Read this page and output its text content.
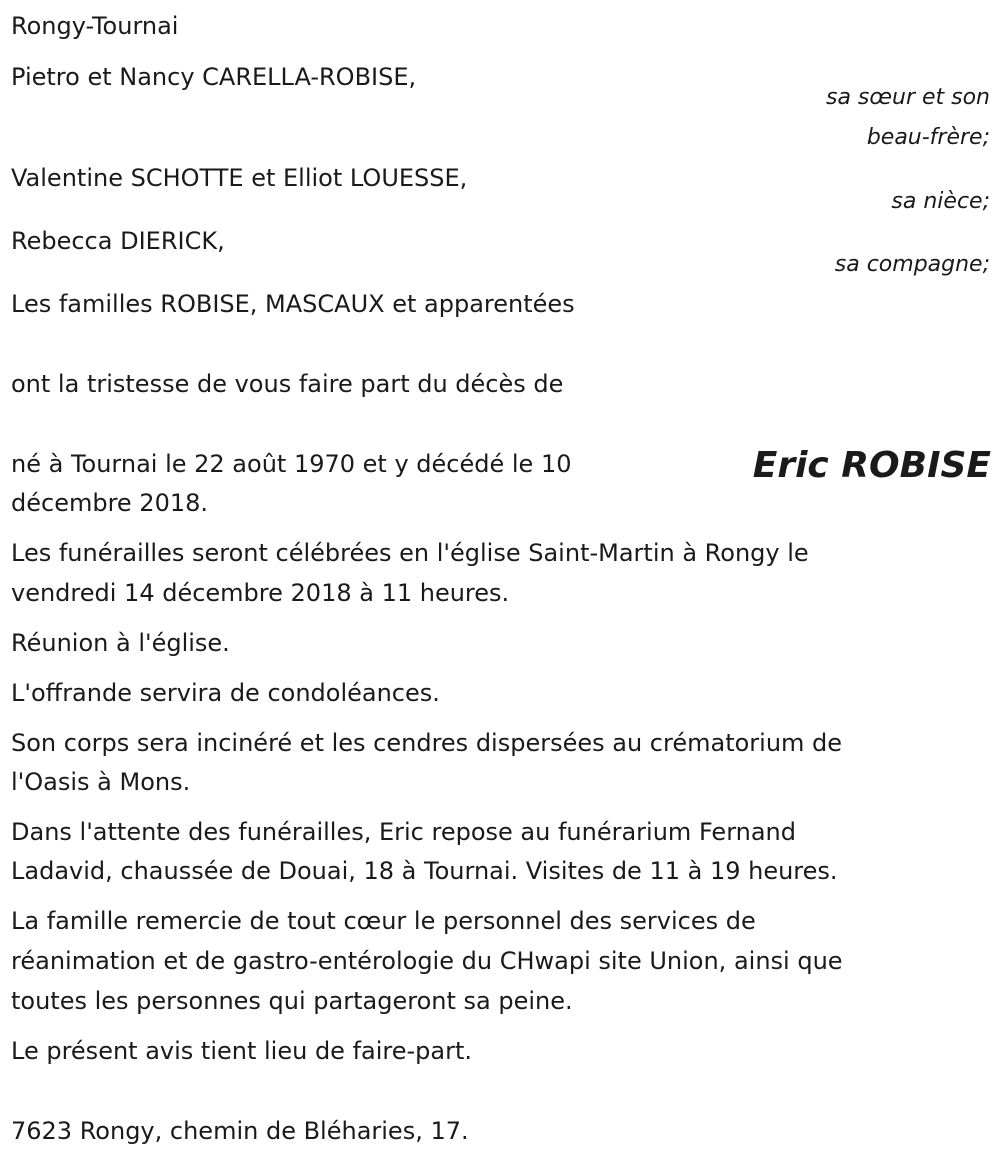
Rongy-Tournai
Pietro et Nancy CARELLA-ROBISE,
sa sœur et son
beau-frère;
Valentine SCHOTTE et Elliot LOUESSE,
sa nièce;
Rebecca DIERICK,
sa compagne;
Les familles ROBISE, MASCAUX et apparentées
ont la tristesse de vous faire part du décès de
Eric ROBISE
né à Tournai le 22 août 1970 et y décédé le 10
décembre 2018.
Les funérailles seront célébrées en l'église Saint-Martin à Rongy le
vendredi 14 décembre 2018 à 11 heures.
Réunion à l'église.
L'offrande servira de condoléances.
Son corps sera incinéré et les cendres dispersées au crématorium de
l'Oasis à Mons.
Dans l'attente des funérailles, Eric repose au funérarium Fernand
Ladavid, chaussée de Douai, 18 à Tournai. Visites de 11 à 19 heures.
La famille remercie de tout cœur le personnel des services de
réanimation et de gastro-entérologie du CHwapi site Union, ainsi que
toutes les personnes qui partageront sa peine.
Le présent avis tient lieu de faire-part.
7623 Rongy, chemin de Bléharies, 17.
